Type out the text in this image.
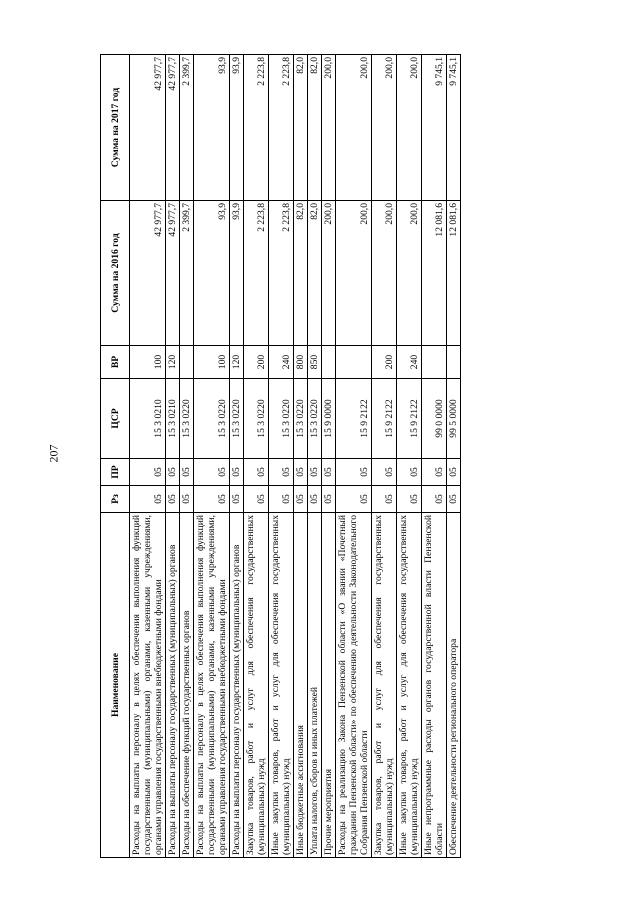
207
Наименование	Рз	ПР	ЦСР	ВР	Сумма на 2016 год	Сумма на 2017 год
Расходы на выплаты персоналу в целях обеспечения выполнения функций государственными (муниципальными) органами, казенными учреждениями, органами управления государственными внебюджетными фондами	05	05	15 3 0210	100	42 977,7	42 977,7
Расходы на выплаты персоналу государственных (муниципальных) органов	05	05	15 3 0210	120	42 977,7	42 977,7
Расходы на обеспечение функций государственных органов	05	05	15 3 0220		2 399,7	2 399,7
Расходы на выплаты персоналу в целях обеспечения выполнения функций государственными (муниципальными) органами, казенными учреждениями, органами управления государственными внебюджетными фондами	05	05	15 3 0220	100	93,9	93,9
Расходы на выплаты персоналу государственных (муниципальных) органов	05	05	15 3 0220	120	93,9	93,9
Закупка товаров, работ и услуг для обеспечения государственных (муниципальных) нужд	05	05	15 3 0220	200	2 223,8	2 223,8
Иные закупки товаров, работ и услуг для обеспечения государственных (муниципальных) нужд	05	05	15 3 0220	240	2 223,8	2 223,8
Иные бюджетные ассигнования	05	05	15 3 0220	800	82,0	82,0
Уплата налогов, сборов и иных платежей	05	05	15 3 0220	850	82,0	82,0
Прочие мероприятия	05	05	15 9 0000		200,0	200,0
Расходы на реализацию Закона Пензенской области «О звании «Почетный гражданин Пензенской области» по обеспечению деятельности Законодательного Собрания Пензенской области	05	05	15 9 2122		200,0	200,0
Закупка товаров, работ и услуг для обеспечения государственных (муниципальных) нужд	05	05	15 9 2122	200	200,0	200,0
Иные закупки товаров, работ и услуг для обеспечения государственных (муниципальных) нужд	05	05	15 9 2122	240	200,0	200,0
Иные непрограммные расходы органов государственной власти Пензенской области	05	05	99 0 0000		12 081,6	9 745,1
Обеспечение деятельности регионального оператора	05	05	99 5 0000		12 081,6	9 745,1
